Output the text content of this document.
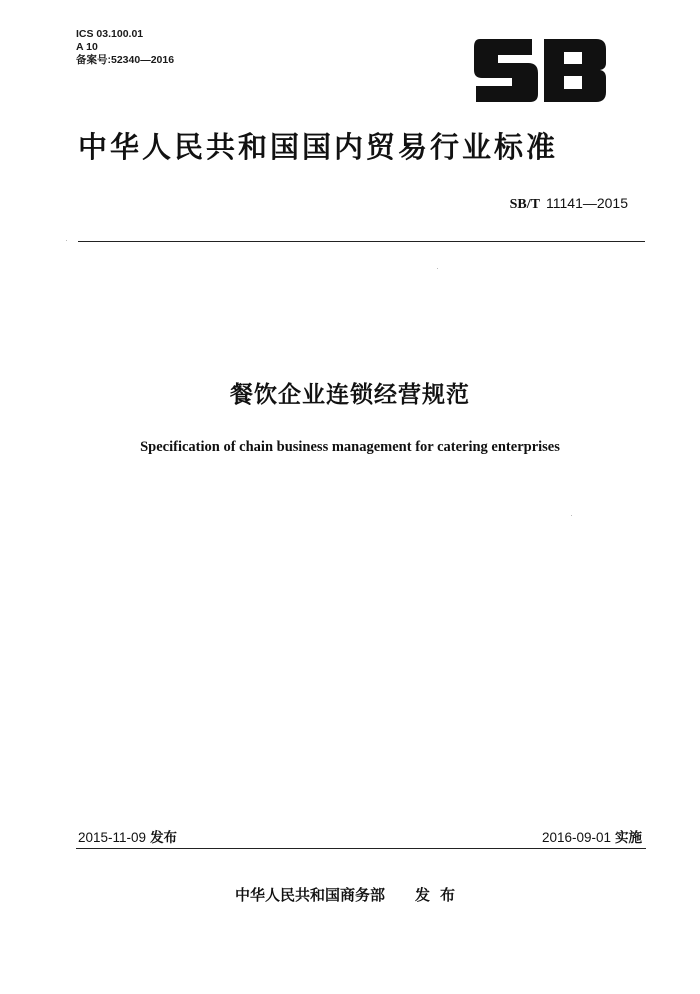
ICS 03.100.01
A 10
备案号:52340—2016
中华人民共和国国内贸易行业标准
SB/T 11141—2015
餐饮企业连锁经营规范
Specification of chain business management for catering enterprises
2015-11-09 发布	2016-09-01 实施
中华人民共和国商务部 发布
